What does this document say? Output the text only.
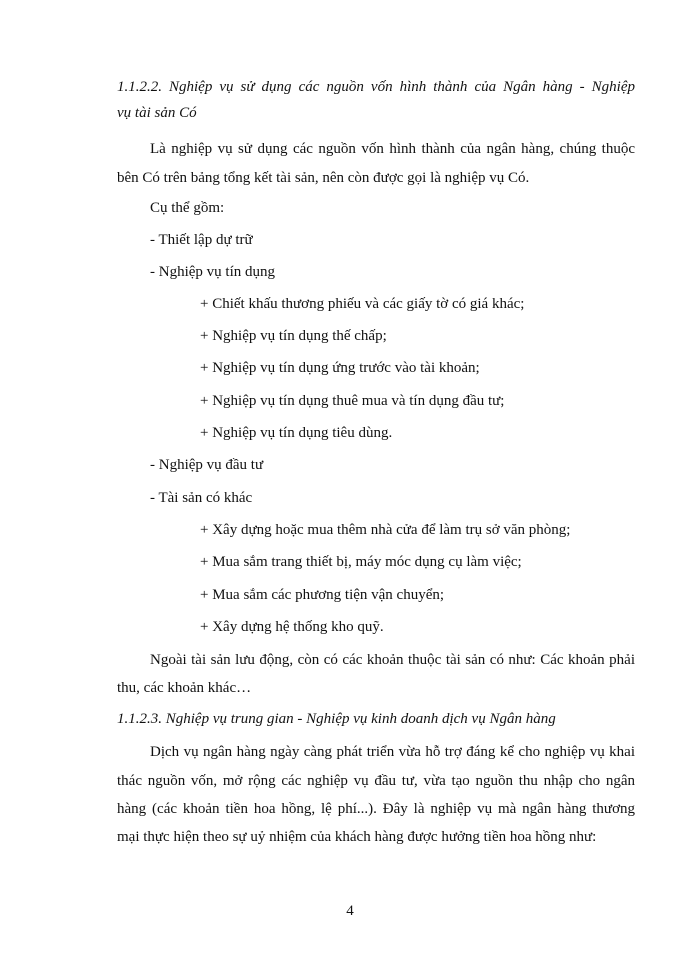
1.1.2.2. Nghiệp vụ sử dụng các nguồn vốn hình thành của Ngân hàng - Nghiệp
vụ tài sản Có
Là nghiệp vụ sử dụng các nguồn vốn hình thành của ngân hàng, chúng thuộc
bên Có trên bảng tổng kết tài sản, nên còn được gọi là nghiệp vụ Có.
Cụ thể gồm:
- Thiết lập dự trữ
- Nghiệp vụ tín dụng
+ Chiết khấu thương phiếu và các giấy tờ có giá khác;
+ Nghiệp vụ tín dụng thế chấp;
+ Nghiệp vụ tín dụng ứng trước vào tài khoản;
+ Nghiệp vụ tín dụng thuê mua và tín dụng đầu tư;
+ Nghiệp vụ tín dụng tiêu dùng.
- Nghiệp vụ đầu tư
- Tài sản có khác
+ Xây dựng hoặc mua thêm nhà cửa để làm trụ sở văn phòng;
+ Mua sắm trang thiết bị, máy móc dụng cụ làm việc;
+ Mua sắm các phương tiện vận chuyển;
+ Xây dựng hệ thống kho quỹ.
Ngoài tài sản lưu động, còn có các khoản thuộc tài sản có như: Các khoản phải
thu, các khoản khác…
1.1.2.3. Nghiệp vụ trung gian - Nghiệp vụ kinh doanh dịch vụ Ngân hàng
Dịch vụ ngân hàng ngày càng phát triển vừa hỗ trợ đáng kể cho nghiệp vụ khai
thác nguồn vốn, mở rộng các nghiệp vụ đầu tư, vừa tạo nguồn thu nhập cho ngân
hàng (các khoản tiền hoa hồng, lệ phí...). Đây là nghiệp vụ mà ngân hàng thương
mại thực hiện theo sự uỷ nhiệm của khách hàng được hưởng tiền hoa hồng như:
4
